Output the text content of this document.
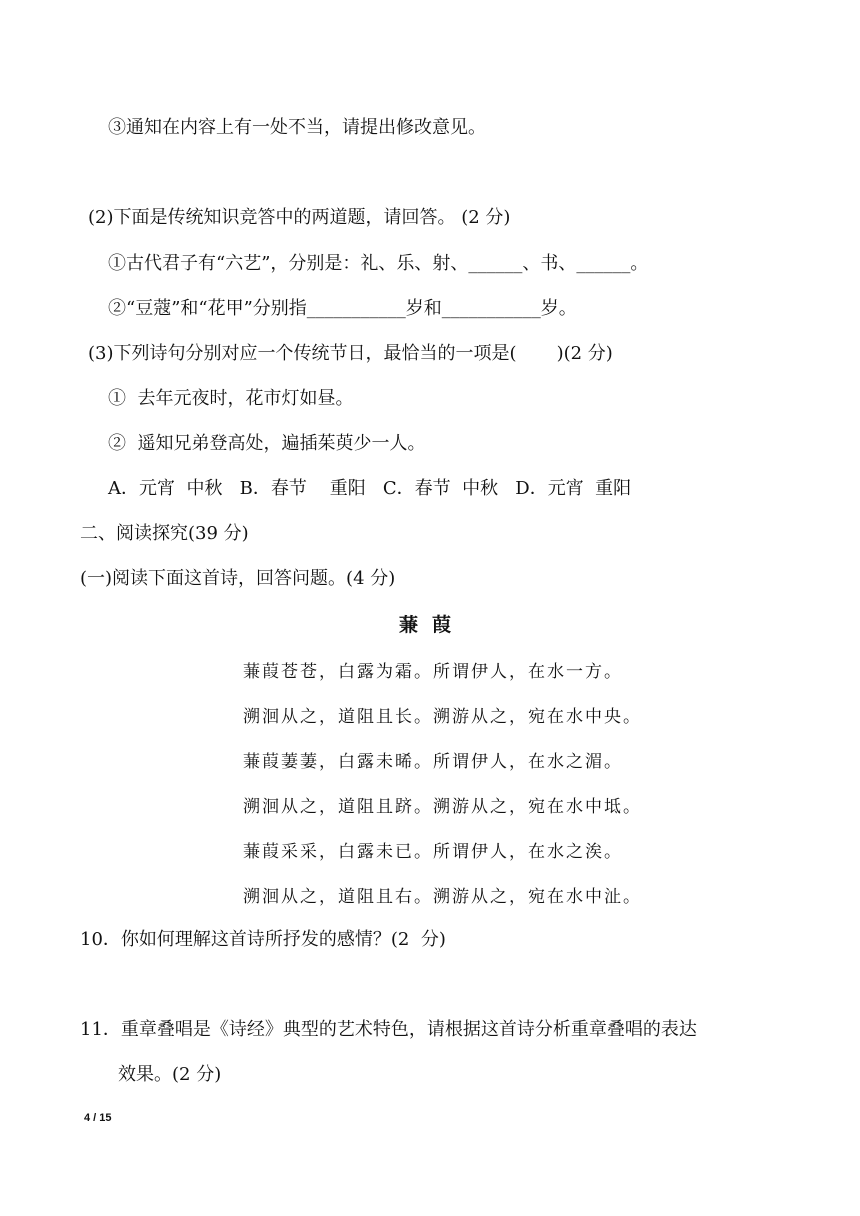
③通知在内容上有一处不当，请提出修改意见。
(2)下面是传统知识竞答中的两道题，请回答。 (2 分)
①古代君子有“六艺”，分别是：礼、乐、射、______、书、______。
②“豆蔻”和“花甲”分别指___________岁和___________岁。
(3)下列诗句分别对应一个传统节日，最恰当的一项是(       )(2 分)
①  去年元夜时，花市灯如昼。
②  遥知兄弟登高处，遍插茱萸少一人。
A．元宵  中秋   B．春节    重阳   C．春节  中秋   D．元宵  重阳
二、阅读探究(39 分)
(一)阅读下面这首诗，回答问题。(4 分)
蒹葭
蒹葭苍苍，白露为霜。所谓伊人，在水一方。
溯洄从之，道阻且长。溯游从之，宛在水中央。
蒹葭萋萋，白露未晞。所谓伊人，在水之湄。
溯洄从之，道阻且跻。溯游从之，宛在水中坻。
蒹葭采采，白露未已。所谓伊人，在水之涘。
溯洄从之，道阻且右。溯游从之，宛在水中沚。
10．你如何理解这首诗所抒发的感情？(2  分)
11．重章叠唱是《诗经》典型的艺术特色，请根据这首诗分析重章叠唱的表达
效果。(2 分)
4 / 15
